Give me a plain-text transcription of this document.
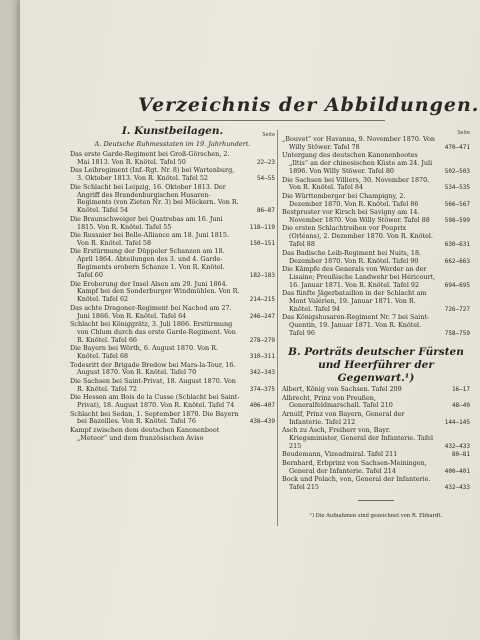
Verzeichnis der Abbildungen.
I. Kunstbeilagen.	Seite
A. Deutsche Ruhmesstaten im 19. Jahrhundert.
Das erste Garde-Regiment bei Groß-Görschen, 2. Mai 1813. Von R. Knötel. Tafel 50	22—23
Das Leibregiment (Inf.-Rgt. Nr. 8) bei Wartenburg, 3. Oktober 1813. Von R. Knötel. Tafel 52	54—55
Die Schlacht bei Leipzig, 16. Oktober 1813. Der Angriff des Brandenburgischen Husaren-Regiments (von Zieten Nr. 3) bei Möckern. Von R. Knötel. Tafel 54	86—87
Die Braunschweiger bei Quatrebas am 16. Juni 1815. Von R. Knötel. Tafel 55	118—119
Die Russaier bei Belle-Alliance am 18. Juni 1815. Von R. Knötel. Tafel 58	150—151
Die Erstürmung der Düppeler Schanzen am 18. April 1864. Abteilungen des 3. und 4. Garde-Regiments erobern Schanze 1. Von R. Knötel. Tafel 60	182—183
Die Eroberung der Insel Alsen am 29. Juni 1864. Kampf bei den Sonderburger Windmühlen. Von R. Knötel. Tafel 62	214—215
Das achte Dragoner-Regiment bei Nachod am 27. Juni 1866. Von R. Knötel. Tafel 64	246—247
Schlacht bei Königgrätz, 3. Juli 1866. Erstürmung von Chlum durch das erste Garde-Regiment. Von R. Knötel. Tafel 66	278—279
Die Bayern bei Wörth, 6. August 1870. Von R. Knötel. Tafel 68	310—311
Todesritt der Brigade Bredow bei Mars-la-Tour, 16. August 1870. Von R. Knötel. Tafel 70	342—343
Die Sachsen bei Saint-Privat, 18. August 1870. Von R. Knötel. Tafel 72	374—375
Die Hessen am Bois de la Cusse (Schlacht bei Saint-Privat), 18. August 1870. Von R. Knötel. Tafel 74	406—407
Schlacht bei Sedan, 1. September 1870. Die Bayern bei Bazeilles. Von R. Knötel. Tafel 76	438—439
Kampf zwischen dem deutschen Kanonenboot „Meteor“ und dem französischen Aviso
Seite
„Bouvet“ vor Havanna, 9. November 1870. Von Willy Stöwer. Tafel 78	470—471
Untergang des deutschen Kanonenbootes „Iltis“ an der chinesischen Küste am 24. Juli 1896. Von Willy Stöwer. Tafel 80	502—503
Die Sachsen bei Villiers, 30. November 1870. Von R. Knötel. Tafel 84	534—535
Die Württemberger bei Champigny, 2. Dezember 1870. Von R. Knötel. Tafel 86	566—567
Bestpruster vor Kirsch bei Savigny am 14. November 1870. Von Willy Stöwer. Tafel 88	598—599
Die ersten Schlachtreihen vor Pouprix (Orléans), 2. Dezember 1870. Von R. Knötel. Tafel 88	630—631
Das Badische Leib-Regiment bei Nuits, 18. Dezember 1870. Von R. Knötel. Tafel 90	662—663
Die Kämpfe des Generals von Werder an der Lisaine; Preußische Landwehr bei Héricourt, 16. Januar 1871. Von R. Knötel. Tafel 92	694—695
Das fünfte Jägerbataillon in der Schlacht am Mont Valérien, 19. Januar 1871. Von R. Knötel. Tafel 94	726—727
Das Königshusaren-Regiment Nr. 7 bei Saint-Quentin, 19. Januar 1871. Von R. Knötel. Tafel 96	758—759
B. Porträts deutscher Fürsten und Heerführer der Gegenwart.¹)
Albert, König von Sachsen. Tafel 209	16—17
Albrecht, Prinz von Preußen, Generalfeldmarschall. Tafel 210	48—49
Arnulf, Prinz von Bayern, General der Infanterie. Tafel 212	144—145
Asch zu Asch, Freiherr von, Bayr. Kriegsminister, General der Infanterie. Tafel 215	432—433
Beudemann, Vizeadmiral. Tafel 211	80—81
Bernhard, Erbprinz von Sachsen-Meiningen, General der Infanterie. Tafel 214	400—401
Bock und Polach, von, General der Infanterie. Tafel 215	432—433
¹) Die Aufnahmen sind gezeichnet von R. Ebhardt.
